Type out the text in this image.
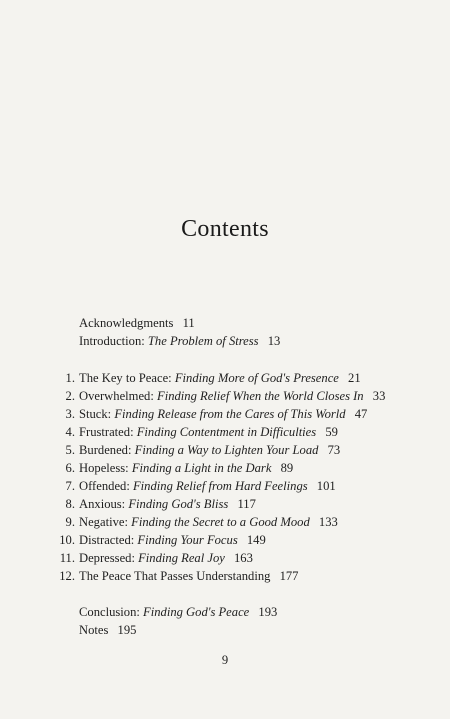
Contents
Acknowledgments 11
Introduction: The Problem of Stress 13
1. The Key to Peace: Finding More of God's Presence 21
2. Overwhelmed: Finding Relief When the World Closes In 33
3. Stuck: Finding Release from the Cares of This World 47
4. Frustrated: Finding Contentment in Difficulties 59
5. Burdened: Finding a Way to Lighten Your Load 73
6. Hopeless: Finding a Light in the Dark 89
7. Offended: Finding Relief from Hard Feelings 101
8. Anxious: Finding God's Bliss 117
9. Negative: Finding the Secret to a Good Mood 133
10. Distracted: Finding Your Focus 149
11. Depressed: Finding Real Joy 163
12. The Peace That Passes Understanding 177
Conclusion: Finding God's Peace 193
Notes 195
9
